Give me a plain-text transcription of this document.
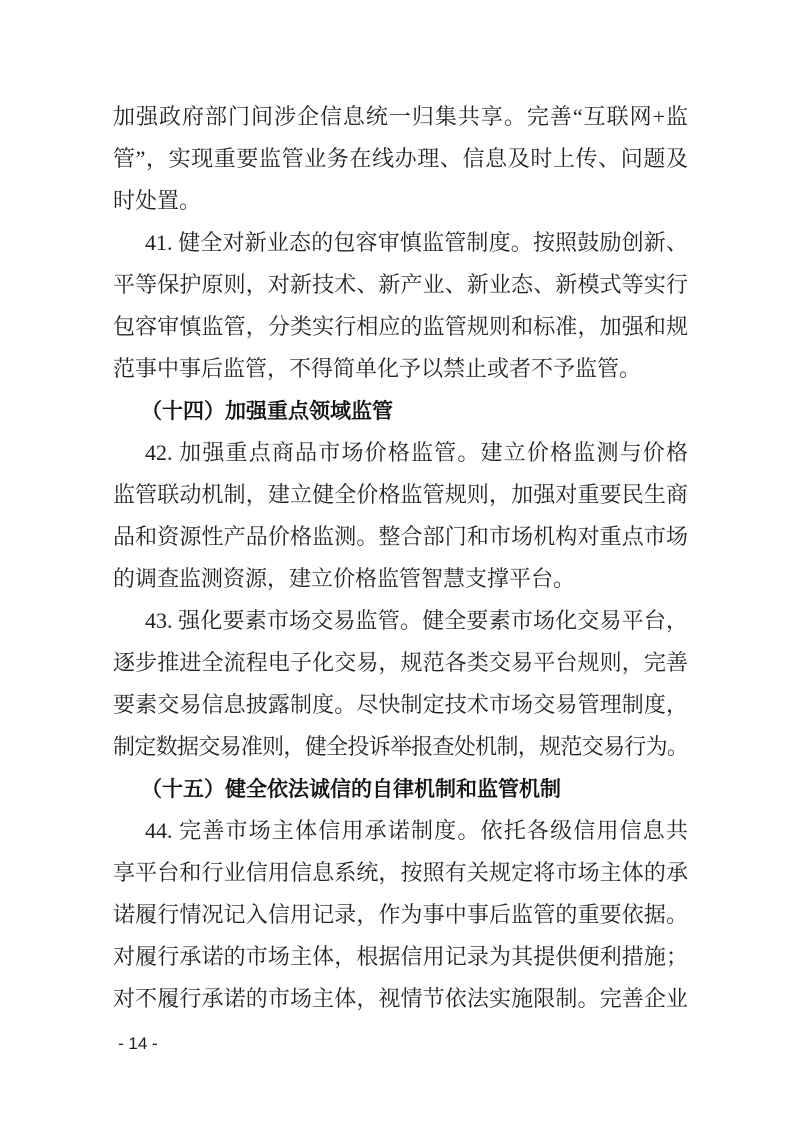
加强政府部门间涉企信息统一归集共享。完善“互联网+监
管”，实现重要监管业务在线办理、信息及时上传、问题及
时处置。
41. 健全对新业态的包容审慎监管制度。按照鼓励创新、
平等保护原则，对新技术、新产业、新业态、新模式等实行
包容审慎监管，分类实行相应的监管规则和标准，加强和规
范事中事后监管，不得简单化予以禁止或者不予监管。
（十四）加强重点领域监管
42. 加强重点商品市场价格监管。建立价格监测与价格
监管联动机制，建立健全价格监管规则，加强对重要民生商
品和资源性产品价格监测。整合部门和市场机构对重点市场
的调查监测资源，建立价格监管智慧支撑平台。
43. 强化要素市场交易监管。健全要素市场化交易平台，
逐步推进全流程电子化交易，规范各类交易平台规则，完善
要素交易信息披露制度。尽快制定技术市场交易管理制度，
制定数据交易准则，健全投诉举报查处机制，规范交易行为。
（十五）健全依法诚信的自律机制和监管机制
44. 完善市场主体信用承诺制度。依托各级信用信息共
享平台和行业信用信息系统，按照有关规定将市场主体的承
诺履行情况记入信用记录，作为事中事后监管的重要依据。
对履行承诺的市场主体，根据信用记录为其提供便利措施；
对不履行承诺的市场主体，视情节依法实施限制。完善企业
- 14 -
